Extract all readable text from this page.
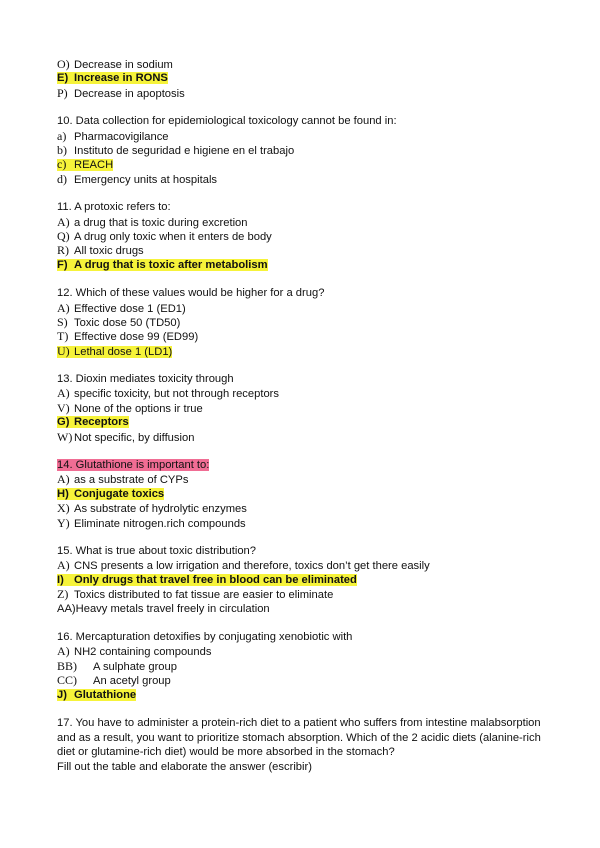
O) Decrease in sodium
E) Increase in RONS
P) Decrease in apoptosis
10. Data collection for epidemiological toxicology cannot be found in:
a) Pharmacovigilance
b) Instituto de seguridad e higiene en el trabajo
c) REACH
d) Emergency units at hospitals
11. A protoxic refers to:
A) a drug that is toxic during excretion
Q) A drug only toxic when it enters de body
R) All toxic drugs
F) A drug that is toxic after metabolism
12. Which of these values would be higher for a drug?
A) Effective dose 1 (ED1)
S) Toxic dose 50 (TD50)
T) Effective dose 99 (ED99)
U) Lethal dose 1 (LD1)
13. Dioxin mediates toxicity through
A) specific toxicity, but not through receptors
V) None of the options ir true
G) Receptors
W) Not specific, by diffusion
14. Glutathione is important to:
A) as a substrate of CYPs
H) Conjugate toxics
X) As substrate of hydrolytic enzymes
Y) Eliminate nitrogen.rich compounds
15. What is true about toxic distribution?
A) CNS presents a low irrigation and therefore, toxics don’t get there easily
I) Only drugs that travel free in blood can be eliminated
Z) Toxics distributed to fat tissue are easier to eliminate
AA)Heavy metals travel freely in circulation
16. Mercapturation detoxifies by conjugating xenobiotic with
A) NH2 containing compounds
BB) A sulphate group
CC) An acetyl group
J) Glutathione
17. You have to administer a protein-rich diet to a patient who suffers from intestine malabsorption and as a result, you want to prioritize stomach absorption. Which of the 2 acidic diets (alanine-rich diet or glutamine-rich diet) would be more absorbed in the stomach?
Fill out the table and elaborate the answer (escribir)
